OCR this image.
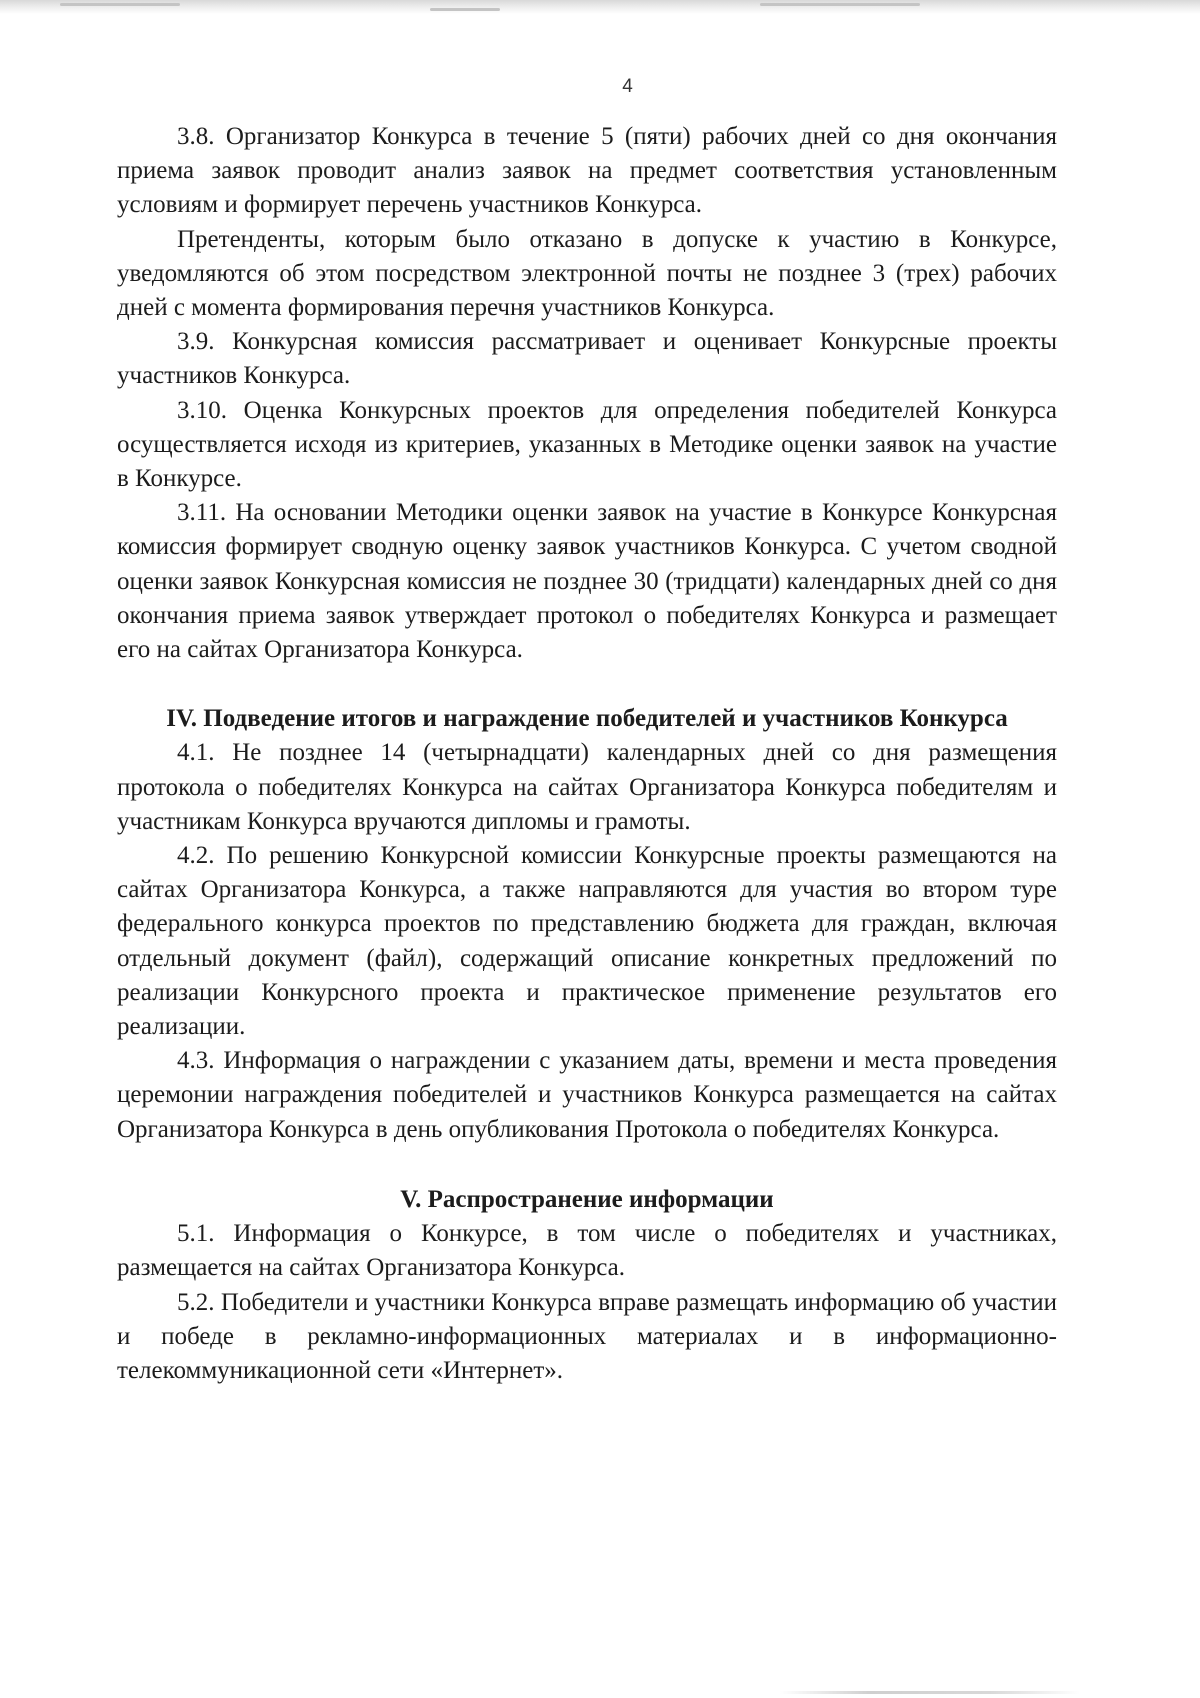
4

3.8. Организатор Конкурса в течение 5 (пяти) рабочих дней со дня окончания приема заявок проводит анализ заявок на предмет соответствия установленным условиям и формирует перечень участников Конкурса.

Претенденты, которым было отказано в допуске к участию в Конкурсе, уведомляются об этом посредством электронной почты не позднее 3 (трех) рабочих дней с момента формирования перечня участников Конкурса.

3.9. Конкурсная комиссия рассматривает и оценивает Конкурсные проекты участников Конкурса.

3.10. Оценка Конкурсных проектов для определения победителей Конкурса осуществляется исходя из критериев, указанных в Методике оценки заявок на участие в Конкурсе.

3.11. На основании Методики оценки заявок на участие в Конкурсе Конкурсная комиссия формирует сводную оценку заявок участников Конкурса. С учетом сводной оценки заявок Конкурсная комиссия не позднее 30 (тридцати) календарных дней со дня окончания приема заявок утверждает протокол о победителях Конкурса и размещает его на сайтах Организатора Конкурса.

IV. Подведение итогов и награждение победителей и участников Конкурса

4.1. Не позднее 14 (четырнадцати) календарных дней со дня размещения протокола о победителях Конкурса на сайтах Организатора Конкурса победителям и участникам Конкурса вручаются дипломы и грамоты.

4.2. По решению Конкурсной комиссии Конкурсные проекты размещаются на сайтах Организатора Конкурса, а также направляются для участия во втором туре федерального конкурса проектов по представлению бюджета для граждан, включая отдельный документ (файл), содержащий описание конкретных предложений по реализации Конкурсного проекта и практическое применение результатов его реализации.

4.3. Информация о награждении с указанием даты, времени и места проведения церемонии награждения победителей и участников Конкурса размещается на сайтах Организатора Конкурса в день опубликования Протокола о победителях Конкурса.

V. Распространение информации

5.1. Информация о Конкурсе, в том числе о победителях и участниках, размещается на сайтах Организатора Конкурса.

5.2. Победители и участники Конкурса вправе размещать информацию об участии и победе в рекламно-информационных материалах и в информационно-телекоммуникационной сети «Интернет».
